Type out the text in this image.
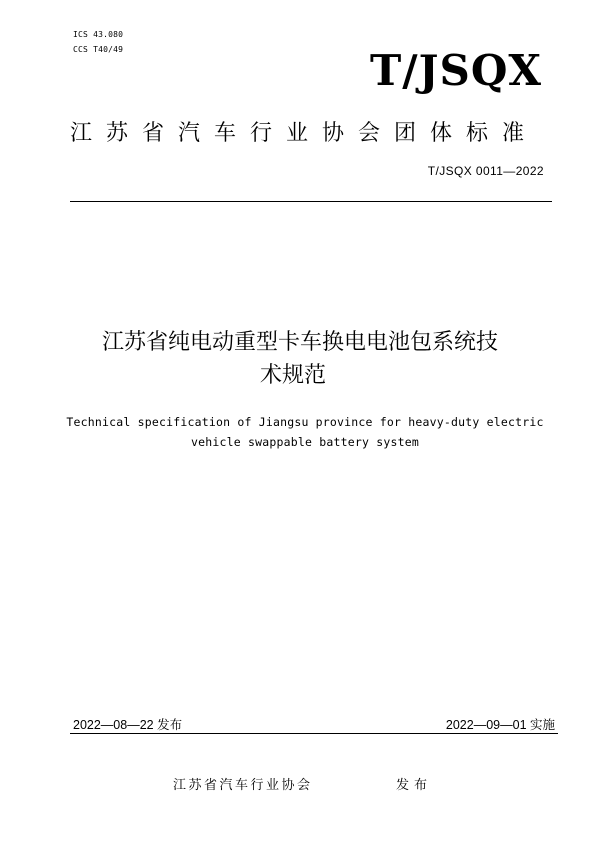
ICS 43.080
CCS T40/49	T/JSQX
江苏省汽车行业协会团体标准
T/JSQX 0011—2022
江苏省纯电动重型卡车换电电池包系统技
术规范
Technical specification of Jiangsu province for heavy-duty electric
vehicle swappable battery system
2022—08—22 发布	2022—09—01 实施
江苏省汽车行业协会	发布
